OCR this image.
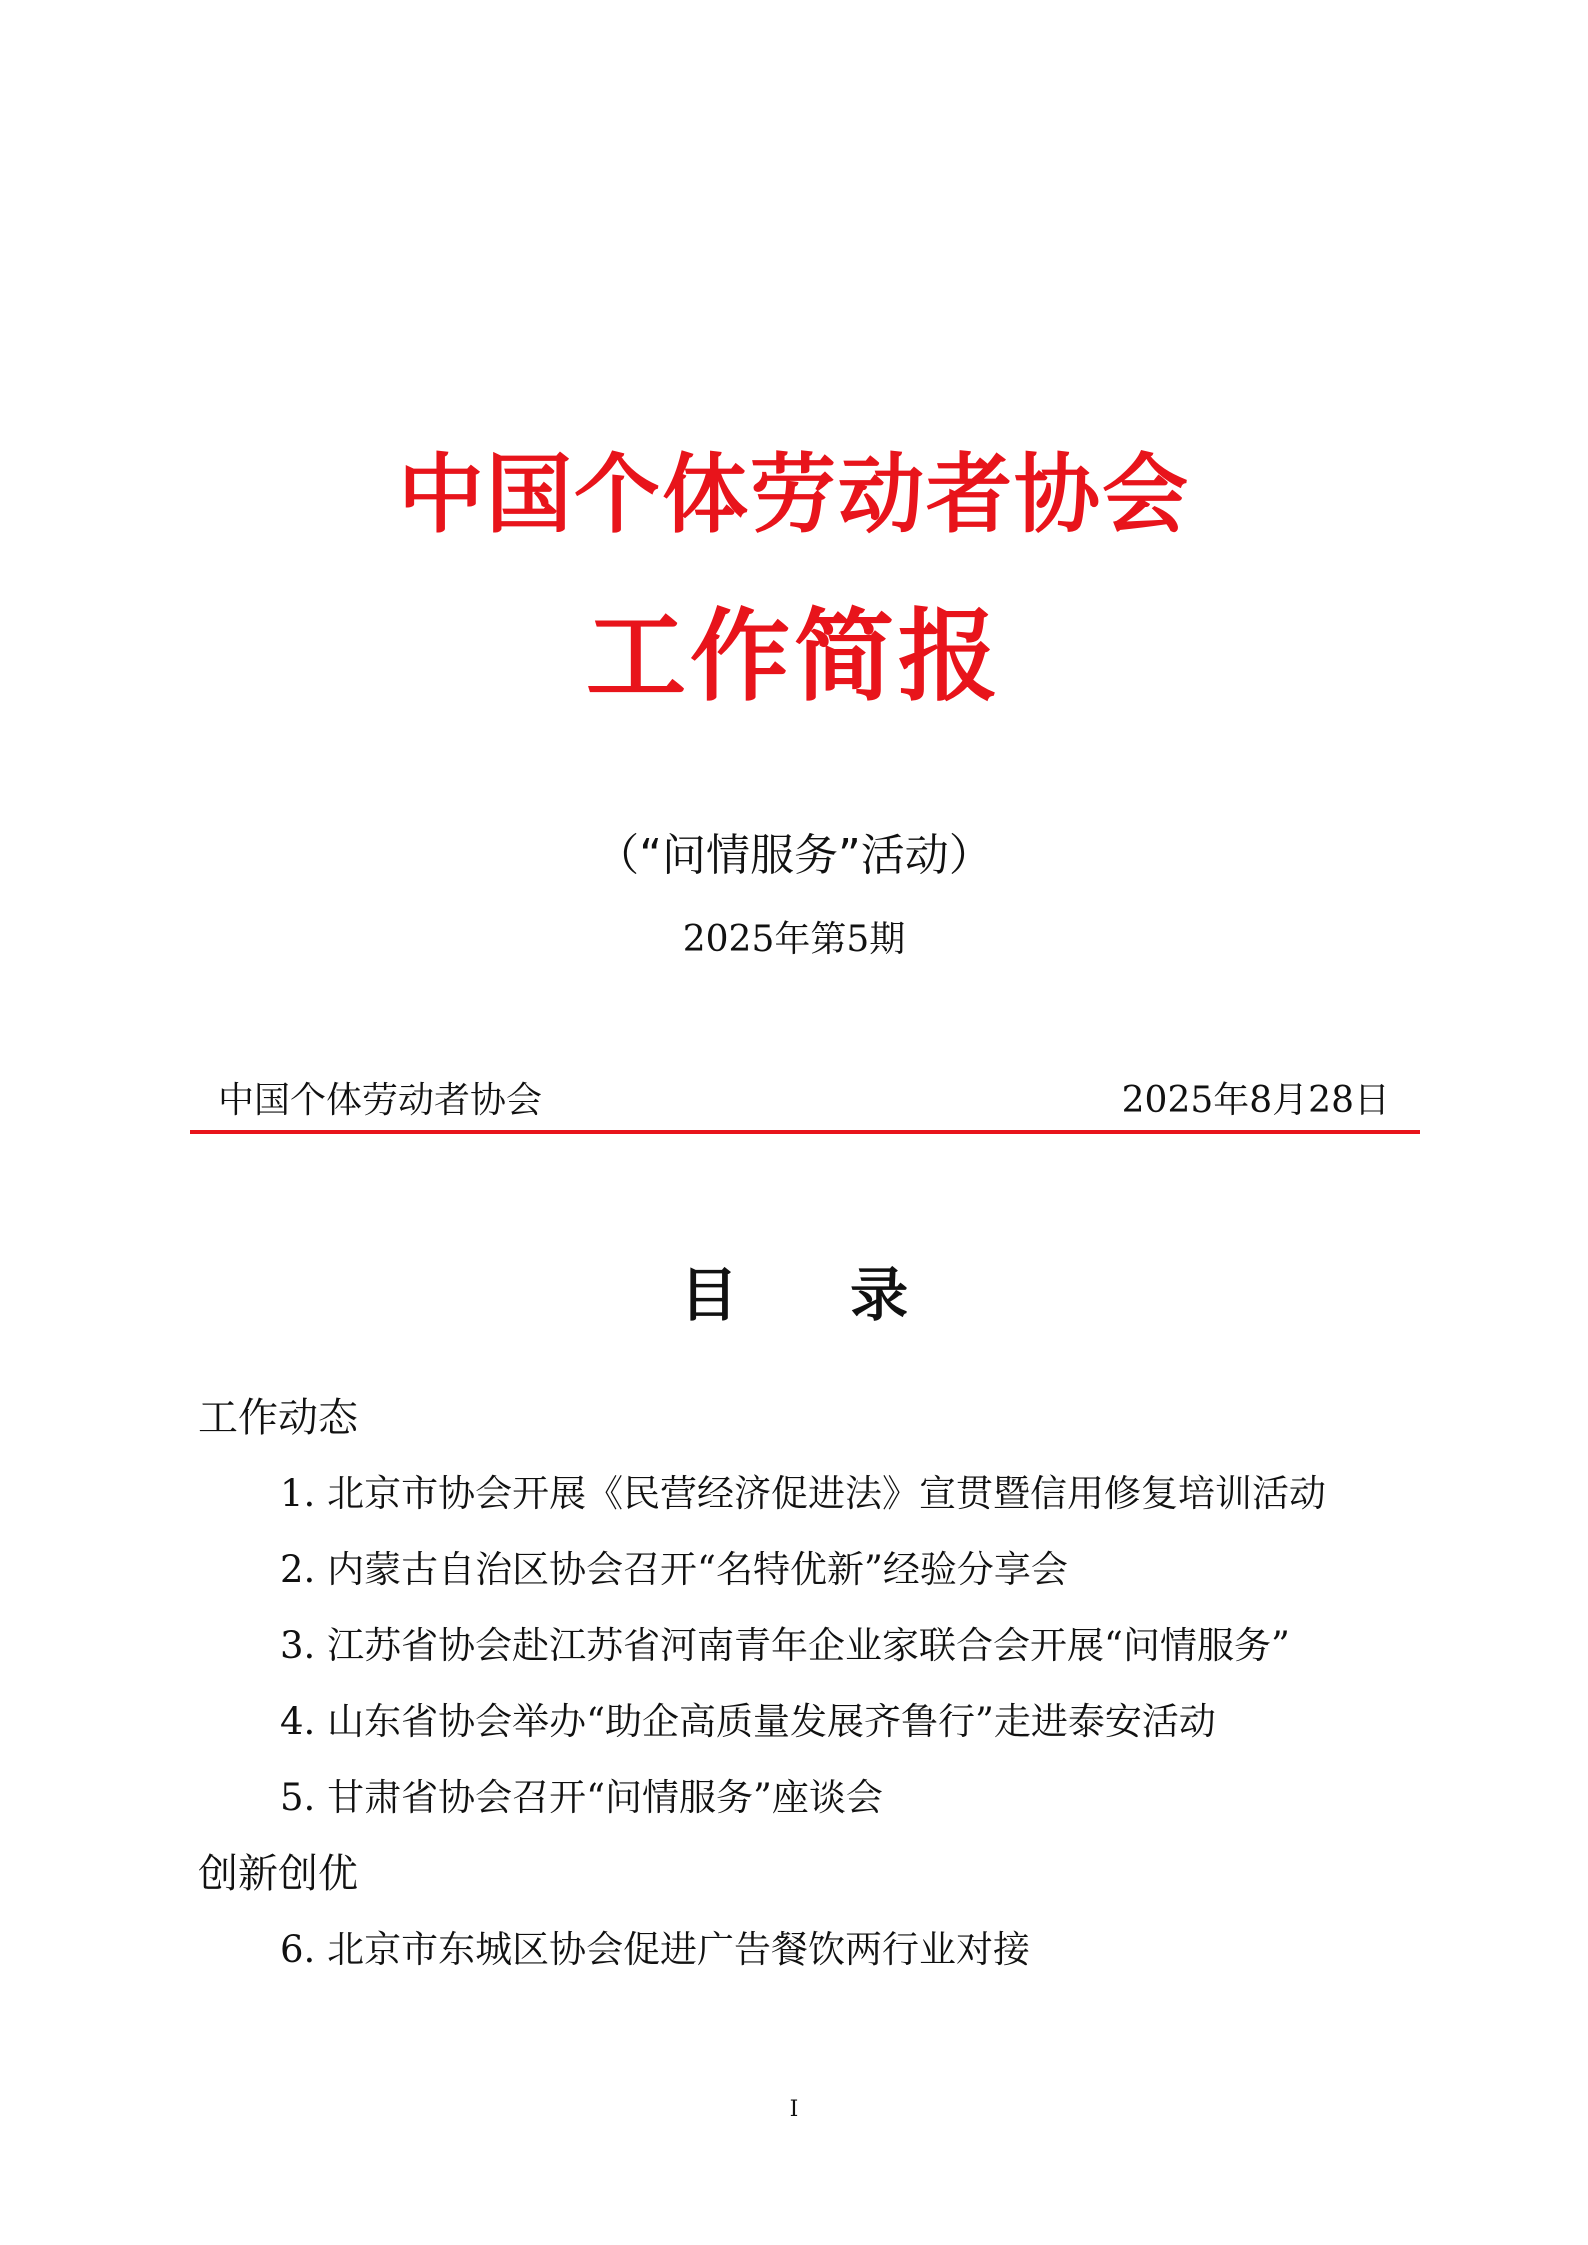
中国个体劳动者协会
工作简报
（“问情服务”活动）
2025年第5期
中国个体劳动者协会	2025年8月28日
目 录
工作动态
1. 北京市协会开展《民营经济促进法》宣贯暨信用修复培训活动
2. 内蒙古自治区协会召开“名特优新”经验分享会
3. 江苏省协会赴江苏省河南青年企业家联合会开展“问情服务”
4. 山东省协会举办“助企高质量发展齐鲁行”走进泰安活动
5. 甘肃省协会召开“问情服务”座谈会
创新创优
6. 北京市东城区协会促进广告餐饮两行业对接
I
